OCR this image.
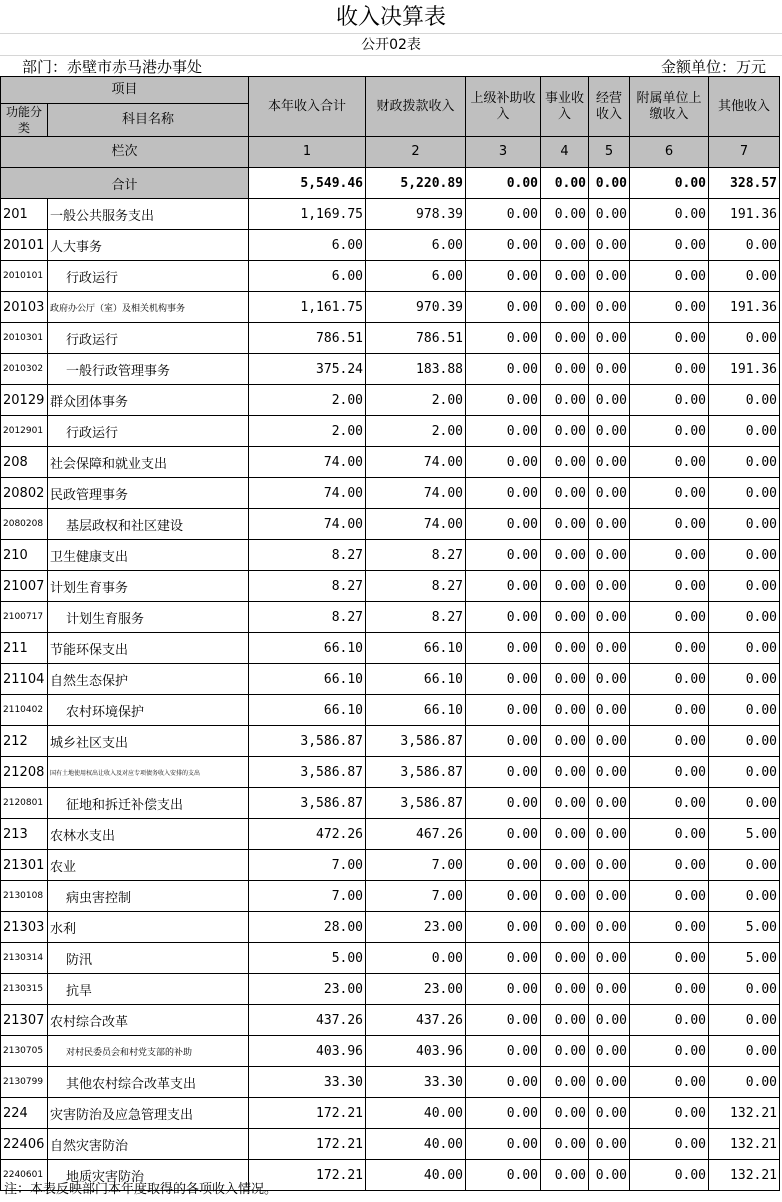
收入决算表
公开02表
部门：赤壁市赤马港办事处	金额单位：万元
项目		本年收入合计	财政拨款收入	上级补助收入	事业收入	经营收入	附属单位上缴收入	其他收入
功能分类	科目名称							
栏次		1	2	3	4	5	6	7
合计		5,549.46	5,220.89	0.00	0.00	0.00	0.00	328.57
201	一般公共服务支出	1,169.75	978.39	0.00	0.00	0.00	0.00	191.36
20101	人大事务	6.00	6.00	0.00	0.00	0.00	0.00	0.00
2010101	行政运行	6.00	6.00	0.00	0.00	0.00	0.00	0.00
20103	政府办公厅（室）及相关机构事务	1,161.75	970.39	0.00	0.00	0.00	0.00	191.36
2010301	行政运行	786.51	786.51	0.00	0.00	0.00	0.00	0.00
2010302	一般行政管理事务	375.24	183.88	0.00	0.00	0.00	0.00	191.36
20129	群众团体事务	2.00	2.00	0.00	0.00	0.00	0.00	0.00
2012901	行政运行	2.00	2.00	0.00	0.00	0.00	0.00	0.00
208	社会保障和就业支出	74.00	74.00	0.00	0.00	0.00	0.00	0.00
20802	民政管理事务	74.00	74.00	0.00	0.00	0.00	0.00	0.00
2080208	基层政权和社区建设	74.00	74.00	0.00	0.00	0.00	0.00	0.00
210	卫生健康支出	8.27	8.27	0.00	0.00	0.00	0.00	0.00
21007	计划生育事务	8.27	8.27	0.00	0.00	0.00	0.00	0.00
2100717	计划生育服务	8.27	8.27	0.00	0.00	0.00	0.00	0.00
211	节能环保支出	66.10	66.10	0.00	0.00	0.00	0.00	0.00
21104	自然生态保护	66.10	66.10	0.00	0.00	0.00	0.00	0.00
2110402	农村环境保护	66.10	66.10	0.00	0.00	0.00	0.00	0.00
212	城乡社区支出	3,586.87	3,586.87	0.00	0.00	0.00	0.00	0.00
21208	国有土地使用权出让收入及对应专项债务收入安排的支出	3,586.87	3,586.87	0.00	0.00	0.00	0.00	0.00
2120801	征地和拆迁补偿支出	3,586.87	3,586.87	0.00	0.00	0.00	0.00	0.00
213	农林水支出	472.26	467.26	0.00	0.00	0.00	0.00	5.00
21301	农业	7.00	7.00	0.00	0.00	0.00	0.00	0.00
2130108	病虫害控制	7.00	7.00	0.00	0.00	0.00	0.00	0.00
21303	水利	28.00	23.00	0.00	0.00	0.00	0.00	5.00
2130314	防汛	5.00	0.00	0.00	0.00	0.00	0.00	5.00
2130315	抗旱	23.00	23.00	0.00	0.00	0.00	0.00	0.00
21307	农村综合改革	437.26	437.26	0.00	0.00	0.00	0.00	0.00
2130705	对村民委员会和村党支部的补助	403.96	403.96	0.00	0.00	0.00	0.00	0.00
2130799	其他农村综合改革支出	33.30	33.30	0.00	0.00	0.00	0.00	0.00
224	灾害防治及应急管理支出	172.21	40.00	0.00	0.00	0.00	0.00	132.21
22406	自然灾害防治	172.21	40.00	0.00	0.00	0.00	0.00	132.21
2240601	地质灾害防治	172.21	40.00	0.00	0.00	0.00	0.00	132.21
注：本表反映部门本年度取得的各项收入情况。
